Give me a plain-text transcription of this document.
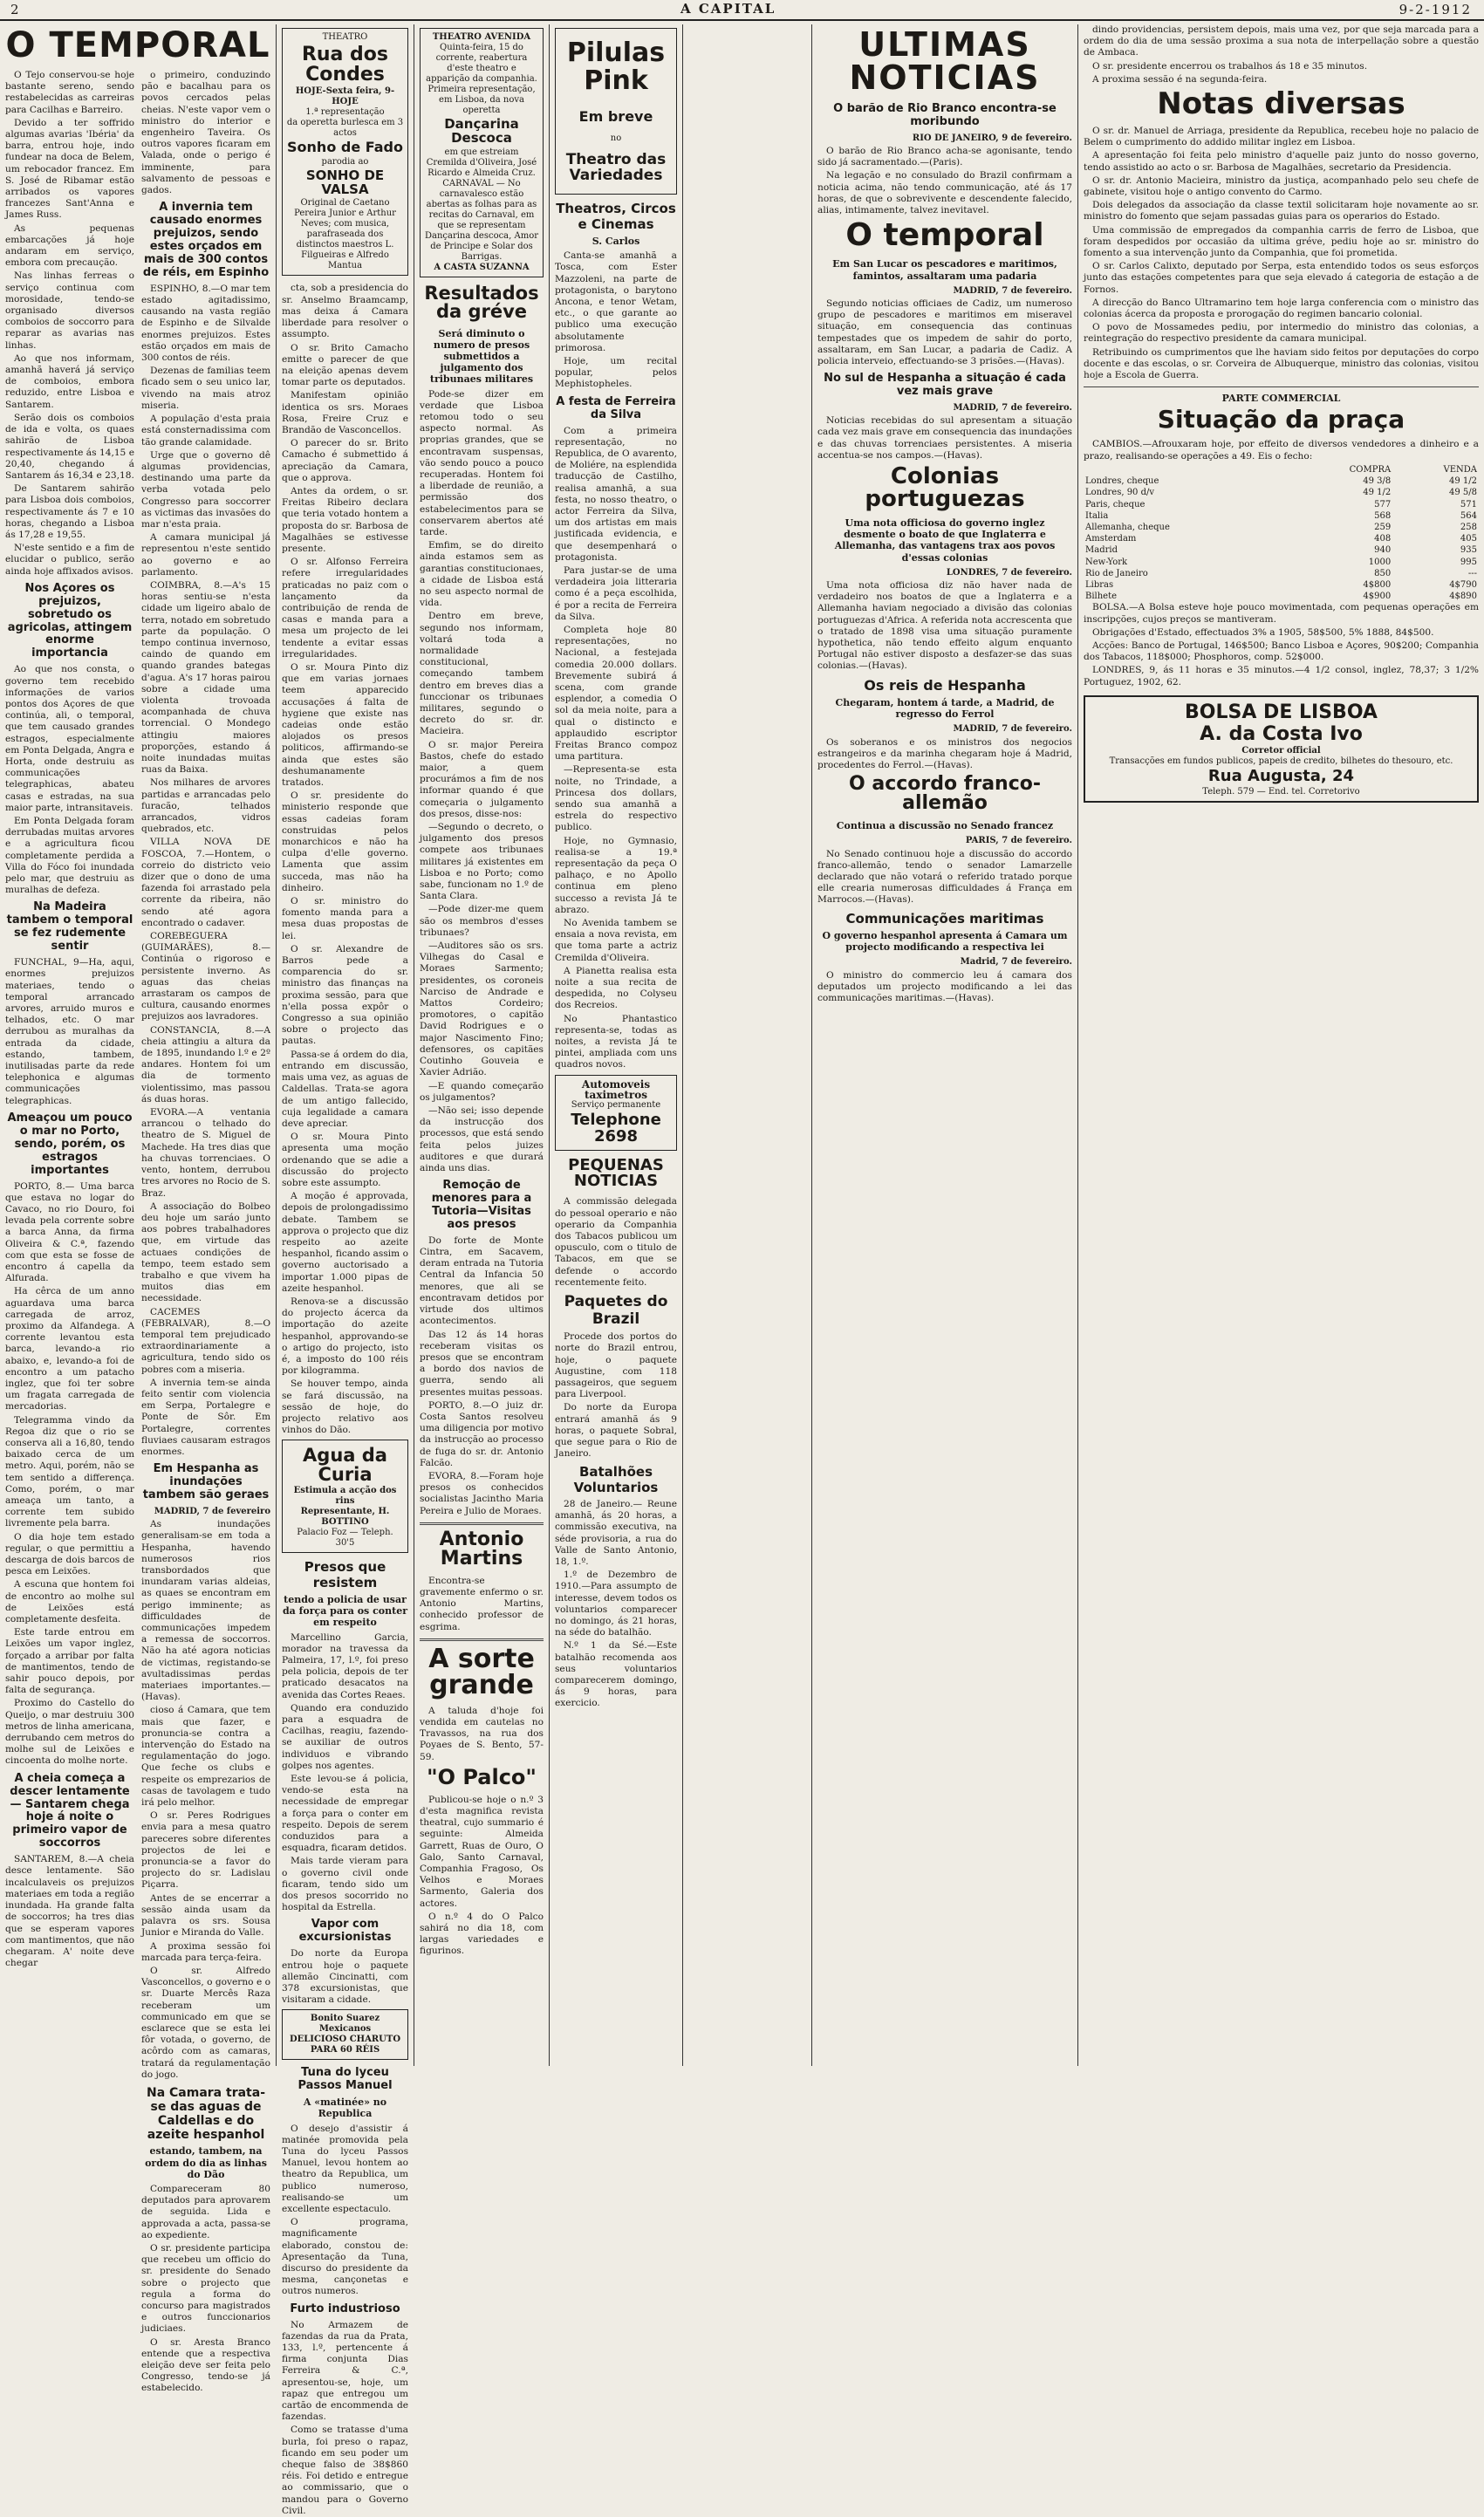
2	A CAPITAL	9-2-1912
O TEMPORAL

O Tejo conservou-se hoje bastante sereno, sendo restabelecidas as carreiras para Cacilhas e Barreiro.

Devido a ter soffrido algumas avarias 'Ibéria' da barra, entrou hoje, indo fundear na doca de Belem, um rebocador francez. Em S. José de Ribamar estão arribados os vapores francezes Sant'Anna e James Russ.

As pequenas embarcações já hoje andaram em serviço, embora com precaução.

Nas linhas ferreas o serviço continua com morosidade, tendo-se organisado diversos comboios de soccorro para reparar as avarias nas linhas.

Ao que nos informam, amanhã haverá já serviço de comboios, embora reduzido, entre Lisboa e Santarem.

Serão dois os comboios de ida e volta, os quaes sahirão de Lisboa respectivamente ás 14,15 e 20,40, chegando á Santarem ás 16,34 e 23,18.

De Santarem sahirão para Lisboa dois comboios, respectivamente ás 7 e 10 horas, chegando a Lisboa ás 17,28 e 19,55.

N'este sentido e a fim de elucidar o publico, serão ainda hoje affixados avisos.

Nos Açores os prejuizos, sobretudo os agricolas, attingem enorme importancia

Ao que nos consta, o governo tem recebido informações de varios pontos dos Açores de que continúa, ali, o temporal, que tem causado grandes estragos, especialmente em Ponta Delgada, Angra e Horta, onde destruiu as communicações telegraphicas, abateu casas e estradas, na sua maior parte, intransitaveis.

Em Ponta Delgada foram derrubadas muitas arvores e a agricultura ficou completamente perdida a Villa do Fóco foi inundada pelo mar, que destruiu as muralhas de defeza.

Na Madeira tambem o temporal se fez rudemente sentir

FUNCHAL, 9—Ha, aqui, enormes prejuizos materiaes, tendo o temporal arrancado arvores, arruido muros e telhados, etc. O mar derrubou as muralhas da entrada da cidade, estando, tambem, inutilisadas parte da rede telephonica e algumas communicações telegraphicas.

Ameaçou um pouco o mar no Porto, sendo, porém, os estragos importantes

PORTO, 8.— Uma barca que estava no logar do Cavaco, no rio Douro, foi levada pela corrente sobre a barca Anna, da firma Oliveira & C.ª, fazendo com que esta se fosse de encontro á capella da Alfurada.

Ha cêrca de um anno aguardava uma barca carregada de arroz, proximo da Alfandega. A corrente levantou esta barca, levando-a rio abaixo, e, levando-a foi de encontro a um patacho inglez, que foi ter sobre um fragata carregada de mercadorias.

Telegramma vindo da Regoa diz que o rio se conserva ali a 16,80, tendo baixado cerca de um metro. Aqui, porém, não se tem sentido a differença. Como, porém, o mar ameaça um tanto, a corrente tem subido livremente pela barra.

O dia hoje tem estado regular, o que permittiu a descarga de dois barcos de pesca em Leixões.

A escuna que hontem foi de encontro ao molhe sul de Leixões está completamente desfeita.

Este tarde entrou em Leixões um vapor inglez, forçado a arribar por falta de mantimentos, tendo de sahir pouco depois, por falta de segurança.

Proximo do Castello do Queijo, o mar destruiu 300 metros de linha americana, derrubando cem metros do molhe sul de Leixões e cincoenta do molhe norte.

A cheia começa a descer lentamente — Santarem chega hoje á noite o primeiro vapor de soccorros

SANTAREM, 8.—A cheia desce lentamente. São incalculaveis os prejuizos materiaes em toda a região inundada. Ha grande falta de soccorros; ha tres dias que se esperam vapores com mantimentos, que não chegaram. A' noite deve chegar

o primeiro, conduzindo pão e bacalhau para os povos cercados pelas cheias. N'este vapor vem o ministro do interior e engenheiro Taveira. Os outros vapores ficaram em Valada, onde o perigo é imminente, para salvamento de pessoas e gados.

A invernia tem causado enormes prejuizos, sendo estes orçados em mais de 300 contos de réis, em Espinho

ESPINHO, 8.—O mar tem estado agitadissimo, causando na vasta região de Espinho e de Silvalde enormes prejuizos. Estes estão orçados em mais de 300 contos de réis.

Dezenas de familias teem ficado sem o seu unico lar, vivendo na mais atroz miseria.

A população d'esta praia está consternadissima com tão grande calamidade.

Urge que o governo dê algumas providencias, destinando uma parte da verba votada pelo Congresso para soccorrer as victimas das invasões do mar n'esta praia.

A camara municipal já representou n'este sentido ao governo e ao parlamento.

COIMBRA, 8.—A's 15 horas sentiu-se n'esta cidade um ligeiro abalo de terra, notado em sobretudo parte da população. O tempo continua invernoso, caindo de quando em quando grandes bategas d'agua. A's 17 horas pairou sobre a cidade uma violenta trovoada acompanhada de chuva torrencial. O Mondego attingiu maiores proporções, estando á noite inundadas muitas ruas da Baixa.

Nos milhares de arvores partidas e arrancadas pelo furacão, telhados arrancados, vidros quebrados, etc.

VILLA NOVA DE FOSCOA, 7.—Hontem, o correio do districto veio dizer que o dono de uma fazenda foi arrastado pela corrente da ribeira, não sendo até agora encontrado o cadaver.

COREBEGUERA (GUIMARÃES), 8.—Continúa o rigoroso e persistente inverno. As aguas das cheias arrastaram os campos de cultura, causando enormes prejuizos aos lavradores.

CONSTANCIA, 8.—A cheia attingiu a altura da de 1895, inundando l.º e 2º andares. Hontem foi um dia de tormento violentissimo, mas passou ás duas horas.

EVORA.—A ventania arrancou o telhado do theatro de S. Miguel de Machede. Ha tres dias que ha chuvas torrenciaes. O vento, hontem, derrubou tres arvores no Rocio de S. Braz.

A associação do Bolbeo deu hoje um saráo junto aos pobres trabalhadores que, em virtude das actuaes condições de tempo, teem estado sem trabalho e que vivem ha muitos dias em necessidade.

CACEMES (FEBRALVAR), 8.—O temporal tem prejudicado extraordinariamente a agricultura, tendo sido os pobres com a miseria.

A invernia tem-se ainda feito sentir com violencia em Serpa, Portalegre e Ponte de Sôr. Em Portalegre, correntes fluviaes causaram estragos enormes.

Em Hespanha as inundações tambem são geraes
MADRID, 7 de fevereiro

As inundações generalisam-se em toda a Hespanha, havendo numerosos rios transbordados que inundaram varias aldeias, as quaes se encontram em perigo imminente; as difficuldades de communicações impedem a remessa de soccorros. Não ha até agora noticias de victimas, registando-se avultadissimas perdas materiaes importantes.—(Havas).

cioso á Camara, que tem mais que fazer, e pronuncia-se contra a intervenção do Estado na regulamentação do jogo. Que feche os clubs e respeite os emprezarios de casas de tavolagem e tudo irá pelo melhor.

O sr. Peres Rodrigues envia para a mesa quatro pareceres sobre diferentes projectos de lei e pronuncia-se a favor do projecto do sr. Ladislau Piçarra.

Antes de se encerrar a sessão ainda usam da palavra os srs. Sousa Junior e Miranda do Valle.

A proxima sessão foi marcada para terça-feira.

O sr. Alfredo Vasconcellos, o governo e o sr. Duarte Mercês Raza receberam um communicado em que se esclarece que se esta lei fôr votada, o governo, de acôrdo com as camaras, tratará da regulamentação do jogo.

Na Camara trata-se das aguas de Caldellas e do azeite hespanhol
estando, tambem, na ordem do dia as linhas do Dão

Compareceram 80 deputados para aprovarem de seguida. Lida e approvada a acta, passa-se ao expediente.

O sr. presidente participa que recebeu um officio do sr. presidente do Senado sobre o projecto que regula a forma do concurso para magistrados e outros funccionarios judiciaes.

O sr. Aresta Branco entende que a respectiva eleição deve ser feita pelo Congresso, tendo-se já estabelecido.

THEATRO
Rua dos Condes
HOJE-Sexta feira, 9-HOJE
1.ª representação
da operetta burlesca em 3 actos
Sonho de Fado
parodia ao
SONHO DE VALSA
Original de Caetano Pereira Junior e Arthur Neves; com musica, parafraseada dos distinctos maestros L. Filgueiras e Alfredo Mantua

cta, sob a presidencia do sr. Anselmo Braamcamp, mas deixa á Camara liberdade para resolver o assumpto.

O sr. Brito Camacho emitte o parecer de que na eleição apenas devem tomar parte os deputados.

Manifestam opinião identica os srs. Moraes Rosa, Freire Cruz e Brandão de Vasconcellos.

O parecer do sr. Brito Camacho é submettido á apreciação da Camara, que o approva.

Antes da ordem, o sr. Freitas Ribeiro declara que teria votado hontem a proposta do sr. Barbosa de Magalhães se estivesse presente.

O sr. Alfonso Ferreira refere irregularidades praticadas no paiz com o lançamento da contribuição de renda de casas e manda para a mesa um projecto de lei tendente a evitar essas irregularidades.

O sr. Moura Pinto diz que em varias jornaes teem apparecido accusações á falta de hygiene que existe nas cadeias onde estão alojados os presos politicos, affirmando-se ainda que estes são deshumanamente tratados.

O sr. presidente do ministerio responde que essas cadeias foram construidas pelos monarchicos e não ha culpa d'elle governo. Lamenta que assim succeda, mas não ha dinheiro.

O sr. ministro do fomento manda para a mesa duas propostas de lei.

O sr. Alexandre de Barros pede a comparencia do sr. ministro das finanças na proxima sessão, para que n'ella possa expôr o Congresso a sua opinião sobre o projecto das pautas.

Passa-se á ordem do dia, entrando em discussão, mais uma vez, as aguas de Caldellas. Trata-se agora de um antigo fallecido, cuja legalidade a camara deve apreciar.

O sr. Moura Pinto apresenta uma moção ordenando que se adie a discussão do projecto sobre este assumpto.

A moção é approvada, depois de prolongadissimo debate. Tambem se approva o projecto que diz respeito ao azeite hespanhol, ficando assim o governo auctorisado a importar 1.000 pipas de azeite hespanhol.

Renova-se a discussão do projecto ácerca da importação do azeite hespanhol, approvando-se o artigo do projecto, isto é, a imposto do 100 réis por kilogramma.

Se houver tempo, ainda se fará discussão, na sessão de hoje, do projecto relativo aos vinhos do Dão.

Agua da Curia
Estimula a acção dos rins
Representante, H. BOTTINO
Palacio Foz — Teleph. 30'5
Presos que resistem
tendo a policia de usar da força para os conter em respeito

Marcellino Garcia, morador na travessa da Palmeira, 17, l.º, foi preso pela policia, depois de ter praticado desacatos na avenida das Cortes Reaes.

Quando era conduzido para a esquadra de Cacilhas, reagiu, fazendo-se auxiliar de outros individuos e vibrando golpes nos agentes.

Este levou-se á policia, vendo-se esta na necessidade de empregar a força para o conter em respeito. Depois de serem conduzidos para a esquadra, ficaram detidos.

Mais tarde vieram para o governo civil onde ficaram, tendo sido um dos presos socorrido no hospital da Estrella.

Vapor com excursionistas

Do norte da Europa entrou hoje o paquete allemão Cincinatti, com 378 excursionistas, que visitaram a cidade.

Bonito Suarez Mexicanos
DELICIOSO CHARUTO PARA 60 RÉIS
Tuna do lyceu Passos Manuel
A «matinée» no Republica

O desejo d'assistir á matinée promovida pela Tuna do lyceu Passos Manuel, levou hontem ao theatro da Republica, um publico numeroso, realisando-se um excellente espectaculo.

O programa, magnificamente elaborado, constou de: Apresentação da Tuna, discurso do presidente da mesma, cançonetas e outros numeros.

Furto industrioso

No Armazem de fazendas da rua da Prata, 133, l.º, pertencente á firma conjunta Dias Ferreira & C.ª, apresentou-se, hoje, um rapaz que entregou um cartão de encommenda de fazendas.

Como se tratasse d'uma burla, foi preso o rapaz, ficando em seu poder um cheque falso de 38$860 réis. Foi detido e entregue ao commissario, que o mandou para o Governo Civil.

THEATRO AVENIDA
Quinta-feira, 15 do corrente, reabertura d'este theatro e apparição da companhia.
Primeira representação, em Lisboa, da nova operetta
Dançarina Descoca
em que estreiam Cremilda d'Oliveira, José Ricardo e Almeida Cruz.
CARNAVAL — No carnavalesco estão abertas as folhas para as recitas do Carnaval, em que se representam Dançarina descoca, Amor de Principe e Solar dos Barrigas.
A CASTA SUZANNA
Resultados da gréve
Será diminuto o numero de presos submettidos a julgamento dos tribunaes militares

Pode-se dizer em verdade que Lisboa retomou todo o seu aspecto normal. As proprias grandes, que se encontravam suspensas, vão sendo pouco a pouco recuperadas. Hontem foi a liberdade de reunião, a permissão dos estabelecimentos para se conservarem abertos até tarde.

Emfim, se do direito ainda estamos sem as garantias constitucionaes, a cidade de Lisboa está no seu aspecto normal de vida.

Dentro em breve, segundo nos informam, voltará toda a normalidade constitucional, começando tambem dentro em breves dias a funccionar os tribunaes militares, segundo o decreto do sr. dr. Macieira.

O sr. major Pereira Bastos, chefe do estado maior, a quem procurámos a fim de nos informar quando é que começaria o julgamento dos presos, disse-nos:

—Segundo o decreto, o julgamento dos presos compete aos tribunaes militares já existentes em Lisboa e no Porto; como sabe, funcionam no 1.º de Santa Clara.

—Pode dizer-me quem são os membros d'esses tribunaes?

—Auditores são os srs. Vilhegas do Casal e Moraes Sarmento; presidentes, os coroneis Narciso de Andrade e Mattos Cordeiro; promotores, o capitão David Rodrigues e o major Nascimento Fino; defensores, os capitães Coutinho Gouveia e Xavier Adrião.

—E quando começarão os julgamentos?

—Não sei; isso depende da instrucção dos processos, que está sendo feita pelos juizes auditores e que durará ainda uns dias.

Remoção de menores para a Tutoria—Visitas aos presos

Do forte de Monte Cintra, em Sacavem, deram entrada na Tutoria Central da Infancia 50 menores, que ali se encontravam detidos por virtude dos ultimos acontecimentos.

Das 12 ás 14 horas receberam visitas os presos que se encontram a bordo dos navios de guerra, sendo ali presentes muitas pessoas.

PORTO, 8.—O juiz dr. Costa Santos resolveu uma diligencia por motivo da instrucção ao processo de fuga do sr. dr. Antonio Falcão.

EVORA, 8.—Foram hoje presos os conhecidos socialistas Jacintho Maria Pereira e Julio de Moraes.

Antonio Martins

Encontra-se gravemente enfermo o sr. Antonio Martins, conhecido professor de esgrima.

A sorte grande

A taluda d'hoje foi vendida em cautelas no Travassos, na rua dos Poyaes de S. Bento, 57-59.

"O Palco"

Publicou-se hoje o n.º 3 d'esta magnifica revista theatral, cujo summario é seguinte: Almeida Garrett, Ruas de Ouro, O Galo, Santo Carnaval, Companhia Fragoso, Os Velhos e Moraes Sarmento, Galeria dos actores.

O n.º 4 do O Palco sahirá no dia 18, com largas variedades e figurinos.

Pilulas Pink
Em breve
no
Theatro das Variedades
Theatros, Circos e Cinemas
S. Carlos

Canta-se amanhã a Tosca, com Ester Mazzoleni, na parte de protagonista, o barytono Ancona, e tenor Wetam, etc., o que garante ao publico uma execução absolutamente primorosa.

Hoje, um recital popular, pelos Mephistopheles.

A festa de Ferreira da Silva

Com a primeira representação, no Republica, de O avarento, de Moliére, na esplendida traducção de Castilho, realisa amanhã, a sua festa, no nosso theatro, o actor Ferreira da Silva, um dos artistas em mais justificada evidencia, e que desempenhará o protagonista.

Para justar-se de uma verdadeira joia litteraria como é a peça escolhida, é por a recita de Ferreira da Silva.

Completa hoje 80 representações, no Nacional, a festejada comedia 20.000 dollars. Brevemente subirá á scena, com grande esplendor, a comedia O sol da meia noite, para a qual o distincto e applaudido escriptor Freitas Branco compoz uma partitura.

—Representa-se esta noite, no Trindade, a Princesa dos dollars, sendo sua amanhã a estrela do respectivo publico.

Hoje, no Gymnasio, realisa-se a 19.ª representação da peça O palhaço, e no Apollo continua em pleno successo a revista Já te abrazo.

No Avenida tambem se ensaia a nova revista, em que toma parte a actriz Cremilda d'Oliveira.

A Pianetta realisa esta noite a sua recita de despedida, no Colyseu dos Recreios.

No Phantastico representa-se, todas as noites, a revista Já te pintei, ampliada com uns quadros novos.

Automoveis taximetros
Serviço permanente
Telephone 2698
PEQUENAS NOTICIAS

A commissão delegada do pessoal operario e não operario da Companhia dos Tabacos publicou um opusculo, com o titulo de Tabacos, em que se defende o accordo recentemente feito.

Paquetes do Brazil

Procede dos portos do norte do Brazil entrou, hoje, o paquete Augustine, com 118 passageiros, que seguem para Liverpool.

Do norte da Europa entrará amanhã ás 9 horas, o paquete Sobral, que segue para o Rio de Janeiro.

Batalhões Voluntarios

28 de Janeiro.— Reune amanhã, ás 20 horas, a commissão executiva, na séde provisoria, a rua do Valle de Santo Antonio, 18, 1.º.

1.º de Dezembro de 1910.—Para assumpto de interesse, devem todos os voluntarios comparecer no domingo, ás 21 horas, na séde do batalhão.

N.º 1 da Sé.—Este batalhão recomenda aos seus voluntarios comparecerem domingo, ás 9 horas, para exercicio.

ULTIMAS NOTICIAS
O barão de Rio Branco encontra-se moribundo
RIO DE JANEIRO, 9 de fevereiro.

O barão de Rio Branco acha-se agonisante, tendo sido já sacramentado.—(Paris).

Na legação e no consulado do Brazil confirmam a noticia acima, não tendo communicação, até ás 17 horas, de que o sobrevivente e descendente falecido, alias, intimamente, talvez inevitavel.

O temporal
Em San Lucar os pescadores e maritimos, famintos, assaltaram uma padaria
MADRID, 7 de fevereiro.

Segundo noticias officiaes de Cadiz, um numeroso grupo de pescadores e maritimos em miseravel situação, em consequencia das continuas tempestades que os impedem de sahir do porto, assaltaram, em San Lucar, a padaria de Cadiz. A policia interveio, effectuando-se 3 prisões.—(Havas).

No sul de Hespanha a situação é cada vez mais grave
MADRID, 7 de fevereiro.

Noticias recebidas do sul apresentam a situação cada vez mais grave em consequencia das inundações e das chuvas torrenciaes persistentes. A miseria accentua-se nos campos.—(Havas).

Colonias portuguezas
Uma nota officiosa do governo inglez desmente o boato de que Inglaterra e Allemanha, das vantagens trax aos povos d'essas colonias
LONDRES, 7 de fevereiro.

Uma nota officiosa diz não haver nada de verdadeiro nos boatos de que a Inglaterra e a Allemanha haviam negociado a divisão das colonias portuguezas d'Africa. A referida nota accrescenta que o tratado de 1898 visa uma situação puramente hypothetica, não tendo effeito algum enquanto Portugal não estiver disposto a desfazer-se das suas colonias.—(Havas).

Os reis de Hespanha
Chegaram, hontem á tarde, a Madrid, de regresso do Ferrol
MADRID, 7 de fevereiro.

Os soberanos e os ministros dos negocios estrangeiros e da marinha chegaram hoje á Madrid, procedentes do Ferrol.—(Havas).

O accordo franco-allemão
Continua a discussão no Senado francez
PARIS, 7 de fevereiro.

No Senado continuou hoje a discussão do accordo franco-allemão, tendo o senador Lamarzelle declarado que não votará o referido tratado porque elle crearia numerosas difficuldades á França em Marrocos.—(Havas).

Communicações maritimas
O governo hespanhol apresenta á Camara um projecto modificando a respectiva lei
Madrid, 7 de fevereiro.

O ministro do commercio leu á camara dos deputados um projecto modificando a lei das communicações maritimas.—(Havas).

dindo providencias, persistem depois, mais uma vez, por que seja marcada para a ordem do dia de uma sessão proxima a sua nota de interpellação sobre a questão de Ambaca.

O sr. presidente encerrou os trabalhos ás 18 e 35 minutos.

A proxima sessão é na segunda-feira.

Notas diversas

O sr. dr. Manuel de Arriaga, presidente da Republica, recebeu hoje no palacio de Belem o cumprimento do addido militar inglez em Lisboa.

A apresentação foi feita pelo ministro d'aquelle paiz junto do nosso governo, tendo assistido ao acto o sr. Barbosa de Magalhães, secretario da Presidencia.

O sr. dr. Antonio Macieira, ministro da justiça, acompanhado pelo seu chefe de gabinete, visitou hoje o antigo convento do Carmo.

Dois delegados da associação da classe textil solicitaram hoje novamente ao sr. ministro do fomento que sejam passadas guias para os operarios do Estado.

Uma commissão de empregados da companhia carris de ferro de Lisboa, que foram despedidos por occasião da ultima gréve, pediu hoje ao sr. ministro do fomento a sua intervenção junto da Companhia, que foi prometida.

O sr. Carlos Calixto, deputado por Serpa, esta entendido todos os seus esforços junto das estações competentes para que seja elevado á categoria de estação a de Fornos.

A direcção do Banco Ultramarino tem hoje larga conferencia com o ministro das colonias ácerca da proposta e prorogação do regimen bancario colonial.

O povo de Mossamedes pediu, por intermedio do ministro das colonias, a reintegração do respectivo presidente da camara municipal.

Retribuindo os cumprimentos que lhe haviam sido feitos por deputações do corpo docente e das escolas, o sr. Corveira de Albuquerque, ministro das colonias, visitou hoje a Escola de Guerra.

PARTE COMMERCIAL
Situação da praça

CAMBIOS.—Afrouxaram hoje, por effeito de diversos vendedores a dinheiro e a prazo, realisando-se operações a 49. Eis o fecho:

	COMPRA	VENDA
Londres, cheque	49 3/8	49 1/2
Londres, 90 d/v	49 1/2	49 5/8
Paris, cheque	577	571
Italia	568	564
Allemanha, cheque	259	258
Amsterdam	408	405
Madrid	940	935
New-York	1000	995
Rio de Janeiro	850	---
Libras	4$800	4$790
Bilhete	4$900	4$890

BOLSA.—A Bolsa esteve hoje pouco movimentada, com pequenas operações em inscripções, cujos preços se mantiveram.

Obrigações d'Estado, effectuados 3% a 1905, 58$500, 5% 1888, 84$500.

Acções: Banco de Portugal, 146$500; Banco Lisboa e Açores, 90$200; Companhia dos Tabacos, 118$000; Phosphoros, comp. 52$000.

LONDRES, 9, ás 11 horas e 35 minutos.—4 1/2 consol, inglez, 78,37; 3 1/2% Portuguez, 1902, 62.

BOLSA DE LISBOA
A. da Costa Ivo
Corretor official
Transacções em fundos publicos, papeis de credito, bilhetes do thesouro, etc.
Rua Augusta, 24
Teleph. 579 — End. tel. Corretorivo
